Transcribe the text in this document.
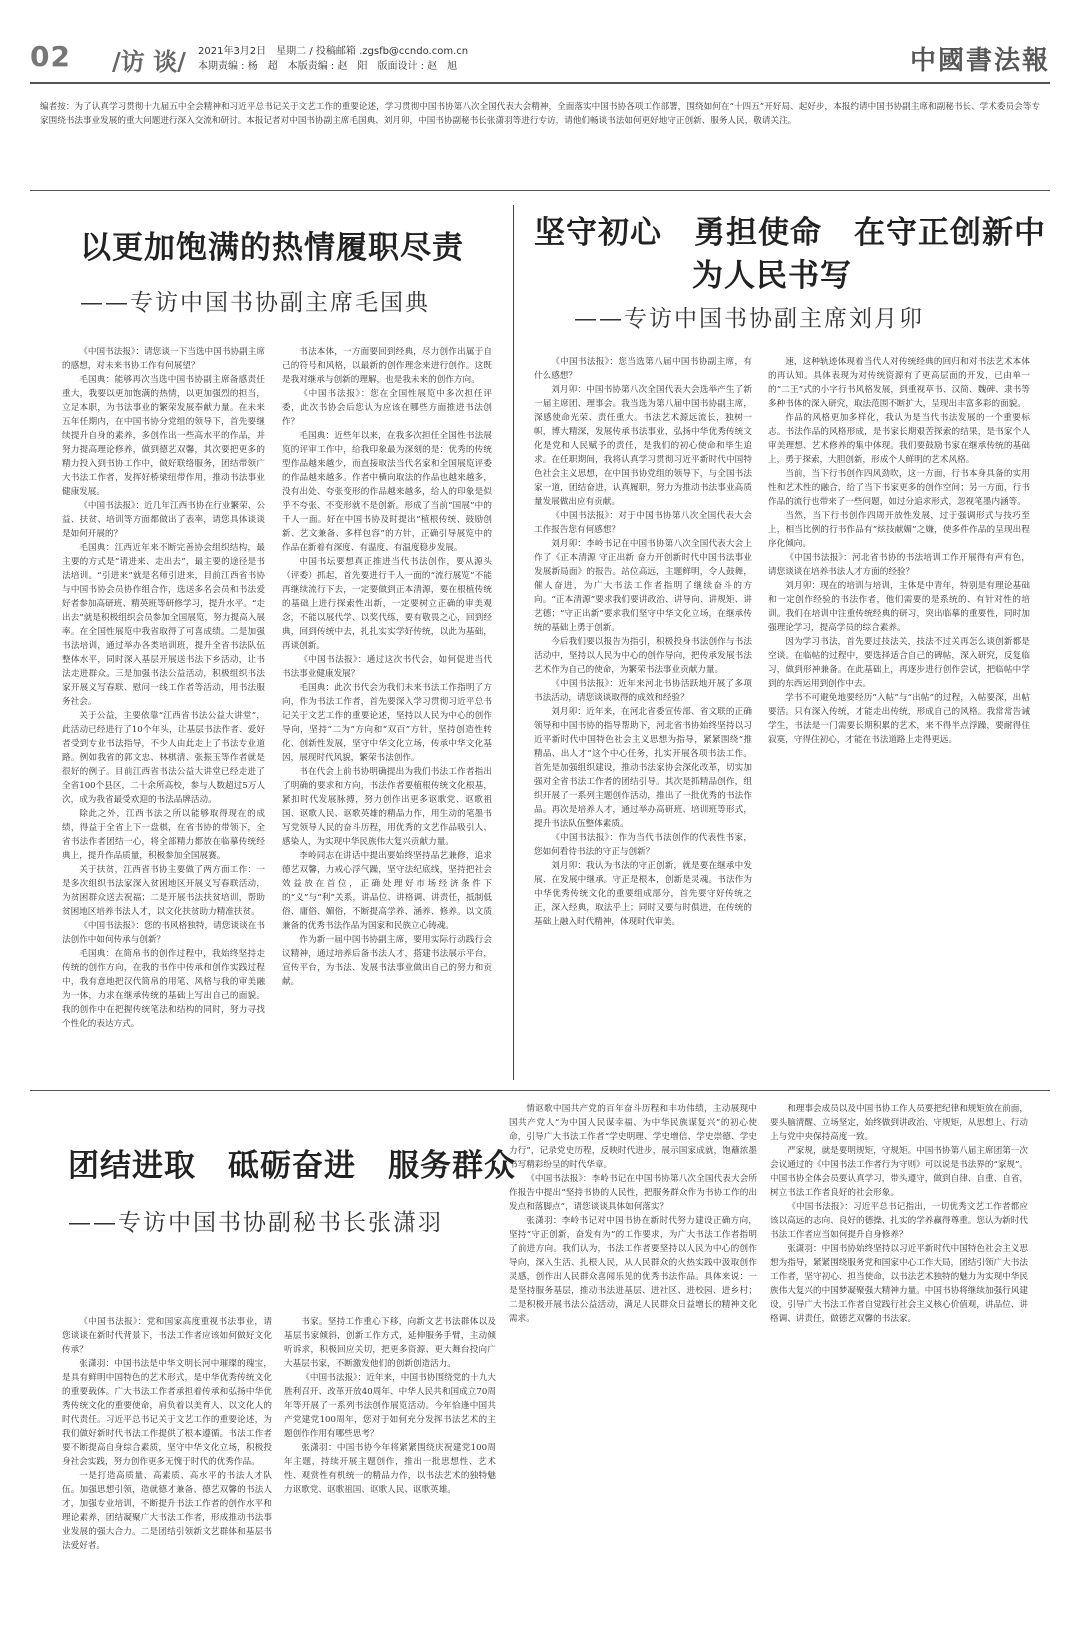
02 /访 谈/ 2021年3月2日　星期二 / 投稿邮箱 .zgsfb@ccndo.com.cn
本期责编 : 杨　超　本版责编 : 赵　阳　版面设计 : 赵　旭	中國書法報
编者按：为了认真学习贯彻十九届五中全会精神和习近平总书记关于文艺工作的重要论述，学习贯彻中国书协第八次全国代表大会精神，全面落实中国书协各项工作部署，围绕如何在“十四五”开好局、起好步，本报约请中国书协副主席和副秘书长、学术委员会等专家围绕书法事业发展的重大问题进行深入交流和研讨。本报记者对中国书协副主席毛国典、刘月卯，中国书协副秘书长张潇羽等进行专访，请他们畅谈书法如何更好地守正创新、服务人民，敬请关注。
以更加饱满的热情履职尽责
——专访中国书协副主席毛国典

《中国书法报》：请您谈一下当选中国书协副主席的感想，对未来书协工作有何展望？

毛国典：能够再次当选中国书协副主席备感责任重大，我要以更加饱满的热情，以更加强烈的担当，立足本职，为书法事业的繁荣发展奉献力量。在未来五年任期内，在中国书协分党组的领导下，首先要继续提升自身的素养，多创作出一些高水平的作品，并努力提高理论修养，做到德艺双馨，其次要把更多的精力投入到书协工作中，做好联络服务，团结带领广大书法工作者，发挥好桥梁纽带作用，推动书法事业健康发展。

《中国书法报》：近几年江西书协在行业繁荣、公益、扶贫、培训等方面都做出了表率，请您具体谈谈是如何开展的？

毛国典：江西近年来不断完善协会组织结构，最主要的方式是“请进来、走出去”，最主要的途径是书法培训。“引进来”就是名师引进来，目前江西省书协与中国书协会员协作组合作，选送多名会员和书法爱好者参加高研班、精英班等研修学习，提升水平。“走出去”就是积极组织会员参加全国展览，努力提高入展率。在全国性展览中我省取得了可喜成绩。二是加强书法培训，通过举办各类培训班，提升全省书法队伍整体水平，同时深入基层开展送书法下乡活动，让书法走进群众。三是加强书法公益活动，积极组织书法家开展义写春联、慰问一线工作者等活动，用书法服务社会。

关于公益，主要依靠“江西省书法公益大讲堂”，此活动已经进行了10个年头，让基层书法作者、爱好者受到专业书法指导，不少人由此走上了书法专业道路。例如我省的郭文忠、林棋清、张振玉等作者就是很好的例子。目前江西省书法公益大讲堂已经走进了全省100个县区，二十余所高校，参与人数超过5万人次，成为我省最受欢迎的书法品牌活动。

除此之外，江西书法之所以能够取得现在的成绩，得益于全省上下一盘棋，在省书协的带领下，全省书法作者团结一心，将全部精力都放在临摹传统经典上，提升作品质量，积极参加全国展赛。

关于扶贫，江西省书协主要做了两方面工作：一是多次组织书法家深入贫困地区开展义写春联活动，为贫困群众送去祝福；二是开展书法扶贫培训，帮助贫困地区培养书法人才，以文化扶贫助力精准扶贫。

《中国书法报》：您的书风格独特，请您谈谈在书法创作中如何传承与创新？

毛国典：在简帛书的创作过程中，我始终坚持走传统的创作方向，在我的书作中传承和创作实践过程中，我有意地把汉代简帛的用笔、风格与我的审美融为一体，力求在继承传统的基础上写出自己的面貌。我的创作中在把握传统笔法和结构的同时，努力寻找个性化的表达方式。

书法本体，一方面要回到经典，尽力创作出属于自己的符号和风格，以最新的创作理念来进行创作。这既是我对继承与创新的理解，也是我未来的创作方向。

《中国书法报》：您在全国性展览中多次担任评委，此次书协会后您认为应该在哪些方面推进书法创作？

毛国典：近些年以来，在我多次担任全国性书法展览的评审工作中，给我印象最为深刻的是：优秀的传统型作品越来越少，而直接取法当代名家和全国展览评委的作品越来越多。作者中横向取法的作品也越来越多，没有出处、夸张变形的作品越来越多，给人的印象是似乎不夸张、不变形就不是创新。形成了当前“国展”中的千人一面。好在中国书协及时提出“植根传统、鼓励创新、艺文兼备、多样包容”的方针，正确引导展览中的作品在新着有深度、有温度、有温度稳步发展。

中国书坛要想真正推进当代书法创作，要从源头（评委）抓起，首先要进行千人一面的“流行展览”不能再继续流行下去，一定要做到正本清源，要在根植传统的基础上进行探索性出新，一定要树立正确的审美观念，不能以展代学、以奖代练，要有敬畏之心，回到经典，回到传统中去，扎扎实实学好传统，以此为基础，再谈创新。

《中国书法报》：通过这次书代会，如何促进当代书法事业健康发展？

毛国典：此次书代会为我们未来书法工作指明了方向，作为书法工作者，首先要深入学习贯彻习近平总书记关于文艺工作的重要论述，坚持以人民为中心的创作导向，坚持“二为”方向和“双百”方针，坚持创造性转化、创新性发展，坚守中华文化立场，传承中华文化基因，展现时代风貌，繁荣书法创作。

书在代会上前书协明确提出为我们书法工作者指出了明确的要求和方向，书法作者要植根传统文化根基，紧扣时代发展脉搏，努力创作出更多讴歌党、讴歌祖国、讴歌人民、讴歌英雄的精品力作，用生动的笔墨书写党领导人民的奋斗历程，用优秀的文艺作品吸引人、感染人，为实现中华民族伟大复兴贡献力量。

李岭同志在讲话中提出要始终坚持品艺兼修，追求德艺双馨，力戒心浮气躁，坚守法纪底线，坚持把社会效益放在首位，正确处理好市场经济条件下的“义”与“利”关系，讲品位、讲格调、讲责任，抵制低俗、庸俗、媚俗，不断提高学养、涵养、修养。以文质兼备的优秀书法作品为国家和民族立心铸魂。

作为新一届中国书协副主席，要用实际行动践行会议精神，通过培养后备书法人才，搭建书法展示平台，宣传平台，为书法、发展书法事业做出自己的努力和贡献。

坚守初心　勇担使命　在守正创新中
为人民书写
——专访中国书协副主席刘月卯

《中国书法报》：您当选第八届中国书协副主席，有什么感想？

刘月卯：中国书协第八次全国代表大会选举产生了新一届主席团、理事会。我当选为第八届中国书协副主席，深感使命光荣、责任重大。书法艺术源远流长，独树一帜，博大精深，发展传承书法事业，弘扬中华优秀传统文化是党和人民赋予的责任，是我们的初心使命和毕生追求。在任职期间，我将认真学习贯彻习近平新时代中国特色社会主义思想，在中国书协党组的领导下，与全国书法家一道，团结奋进，认真履职，努力为推动书法事业高质量发展做出应有贡献。

《中国书法报》：对于中国书协第八次全国代表大会工作报告您有何感想？

刘月卯：李岭书记在中国书协第八次全国代表大会上作了《正本清源 守正出新 奋力开创新时代中国书法事业发展新局面》的报告。站位高远，主题鲜明，令人鼓舞，催人奋进，为广大书法工作者指明了继续奋斗的方向。“正本清源”要求我们要讲政治、讲导向、讲规矩、讲艺德；“守正出新”要求我们坚守中华文化立场，在继承传统的基础上勇于创新。

今后我们要以报告为指引，积极投身书法创作与书法活动中，坚持以人民为中心的创作导向，把传承发展书法艺术作为自己的使命，为繁荣书法事业贡献力量。

《中国书法报》：近年来河北书协活跃地开展了多项书法活动，请您谈谈取得的成效和经验？

刘月卯：近年来，在河北省委宣传部、省文联的正确领导和中国书协的指导帮助下，河北省书协始终坚持以习近平新时代中国特色社会主义思想为指导，紧紧围绕“推精品、出人才”这个中心任务，扎实开展各项书法工作。首先是加强组织建设，推动书法家协会深化改革，切实加强对全省书法工作者的团结引导。其次是抓精品创作，组织开展了一系列主题创作活动，推出了一批优秀的书法作品。再次是培养人才，通过举办高研班、培训班等形式，提升书法队伍整体素质。

《中国书法报》：作为当代书法创作的代表性书家，您如何看待书法的守正与创新？

刘月卯：我认为书法的守正创新，就是要在继承中发展、在发展中继承。守正是根本，创新是灵魂。书法作为中华优秀传统文化的重要组成部分，首先要守好传统之正，深入经典，取法乎上；同时又要与时俱进，在传统的基础上融入时代精神，体现时代审美。

速，这种轨迹体现着当代人对传统经典的回归和对书法艺术本体的再认知。具体表现为对传统资源有了更高层面的开发，已由单一的“二王”式的小字行书风格发展，到重视草书、汉简、魏碑、隶书等多种书体的深入研究，取法范围不断扩大，呈现出丰富多彩的面貌。

作品的风格更加多样化，我认为是当代书法发展的一个重要标志。书法作品的风格形成，是书家长期艰苦探索的结果，是书家个人审美理想、艺术修养的集中体现。我们要鼓励书家在继承传统的基础上，勇于探索，大胆创新，形成个人鲜明的艺术风格。

当前，当下行书创作四风劲吹，这一方面，行书本身具备的实用性和艺术性的融合，给了当下书家更多的创作空间；另一方面，行书作品的流行也带来了一些问题，如过分追求形式，忽视笔墨内涵等。

当然，当下行书创作四周开放性发展，过于强调形式与技巧至上，相当比例的行书作品有“炫技献媚”之嫌，使多件作品的呈现出程序化倾向。

《中国书法报》：河北省书协的书法培训工作开展得有声有色，请您谈谈在培养书法人才方面的经验？

刘月卯：现在的培训与培训，主体是中青年，特别是有理论基础和一定创作经验的书法作者，他们需要的是系统的、有针对性的培训。我们在培训中注重传统经典的研习，突出临摹的重要性，同时加强理论学习，提高学员的综合素养。

因为学习书法，首先要过技法关，技法不过关再怎么谈创新都是空谈。在临帖的过程中，要选择适合自己的碑帖，深入研究，反复临习，做到形神兼备。在此基础上，再逐步进行创作尝试，把临帖中学到的东西运用到创作中去。

学书不可避免地要经历“入帖”与“出帖”的过程，入帖要深，出帖要活。只有深入传统，才能走出传统，形成自己的风格。我常常告诫学生，书法是一门需要长期积累的艺术，来不得半点浮躁，要耐得住寂寞，守得住初心，才能在书法道路上走得更远。

团结进取　砥砺奋进　服务群众
——专访中国书协副秘书长张潇羽

《中国书法报》：党和国家高度重视书法事业，请您谈谈在新时代背景下，书法工作者应该如何做好文化传承？

张潇羽：中国书法是中华文明长河中璀璨的瑰宝，是具有鲜明中国特色的艺术形式，是中华优秀传统文化的重要载体。广大书法工作者承担着传承和弘扬中华优秀传统文化的重要使命，肩负着以美育人、以文化人的时代责任。习近平总书记关于文艺工作的重要论述，为我们做好新时代书法工作提供了根本遵循。书法工作者要不断提高自身综合素质，坚守中华文化立场，积极投身社会实践，努力创作更多无愧于时代的优秀作品。

一是打造高质量、高素质、高水平的书法人才队伍。加强思想引领，造就德才兼备、德艺双馨的书法人才，加强专业培训，不断提升书法工作者的创作水平和理论素养，团结凝聚广大书法工作者，形成推动书法事业发展的强大合力。二是团结引领新文艺群体和基层书法爱好者。

书家。坚持工作重心下移，向新文艺书法群体以及基层书家倾斜，创新工作方式，延伸服务手臂，主动倾听诉求，积极回应关切，把更多资源、更大舞台投向广大基层书家，不断激发他们的创新创造活力。

《中国书法报》：近年来，中国书协围绕党的十九大胜利召开、改革开放40周年、中华人民共和国成立70周年等开展了一系列书法创作展览活动。今年恰逢中国共产党建党100周年，您对于如何充分发挥书法艺术的主题创作作用有哪些思考？

张潇羽：中国书协今年将紧紧围绕庆祝建党100周年主题，持续开展主题创作，推出一批思想性、艺术性、观赏性有机统一的精品力作，以书法艺术的独特魅力讴歌党、讴歌祖国、讴歌人民、讴歌英雄。

情讴歌中国共产党的百年奋斗历程和丰功伟绩，主动展现中国共产党人“为中国人民谋幸福、为中华民族谋复兴”的初心使命，引导广大书法工作者“学史明理、学史增信、学史崇德、学史力行”，记录党史历程，反映时代进步，展示国家成就，饱蘸浓墨书写精彩纷呈的时代华章。

《中国书法报》：李岭书记在中国书协第八次全国代表大会所作报告中提出“坚持书协的人民性，把服务群众作为书协工作的出发点和落脚点”，请您谈谈具体如何落实？

张潇羽：李岭书记对中国书协在新时代努力建设正确方向，坚持“守正创新，奋发有为”的工作要求，为广大书法工作者指明了前进方向。我们认为，书法工作者要坚持以人民为中心的创作导向，深入生活、扎根人民，从人民群众的火热实践中汲取创作灵感，创作出人民群众喜闻乐见的优秀书法作品。具体来说：一是坚持服务基层，推动书法进基层、进社区、进校园、进乡村；二是积极开展书法公益活动，满足人民群众日益增长的精神文化需求。

和理事会成员以及中国书协工作人员要把纪律和规矩放在前面，要头脑清醒、立场坚定，始终做到讲政治、守规矩，从思想上、行动上与党中央保持高度一致。

严家规，就是要明规矩，守规矩。中国书协第八届主席团第一次会议通过的《中国书法工作者行为守则》可以说是书法界的“家规”。中国书协全体会员要认真学习，带头遵守，做到自律、自重、自省，树立书法工作者良好的社会形象。

《中国书法报》：习近平总书记指出，一切优秀文艺工作者都应该以高远的志向、良好的德操、扎实的学养赢得尊重。您认为新时代书法工作者应当如何提升自身修养？

张潇羽：中国书协始终坚持以习近平新时代中国特色社会主义思想为指导，紧紧围绕服务党和国家中心工作大局，团结引领广大书法工作者，坚守初心、担当使命，以书法艺术独特的魅力为实现中华民族伟大复兴的中国梦凝聚强大精神力量。中国书协将继续加强行风建设，引导广大书法工作者自觉践行社会主义核心价值观，讲品位、讲格调、讲责任，做德艺双馨的书法家。
